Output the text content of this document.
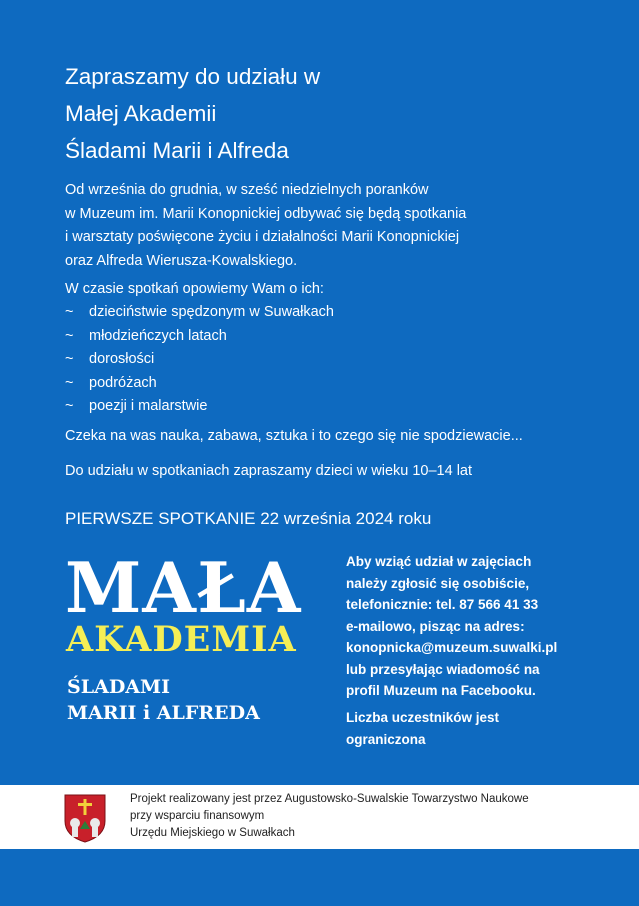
Zapraszamy do udziału w
Małej Akademii
Śladami Marii i Alfreda
Od września do grudnia, w sześć niedzielnych poranków
w Muzeum im. Marii Konopnickiej odbywać się będą spotkania
i warsztaty poświęcone życiu i działalności Marii Konopnickiej
oraz Alfreda Wierusza-Kowalskiego.
W czasie spotkań opowiemy Wam o ich:
~ dzieciństwie spędzonym w Suwałkach
~ młodzieńczych latach
~ dorosłości
~ podróżach
~ poezji i malarstwie
Czeka na was nauka, zabawa, sztuka i to czego się nie spodziewacie...
Do udziału w spotkaniach zapraszamy dzieci w wieku 10–14 lat
PIERWSZE SPOTKANIE 22 września 2024 roku
MAŁA
AKADEMIA
ŚLADAMI
MARII i ALFREDA
Aby wziąć udział w zajęciach
należy zgłosić się osobiście,
telefonicznie: tel. 87 566 41 33
e-mailowo, pisząc na adres:
konopnicka@muzeum.suwalki.pl
lub przesyłając wiadomość na
profil Muzeum na Facebooku.
Liczba uczestników jest
ograniczona
Projekt realizowany jest przez Augustowsko-Suwalskie Towarzystwo Naukowe
przy wsparciu finansowym
Urzędu Miejskiego w Suwałkach
